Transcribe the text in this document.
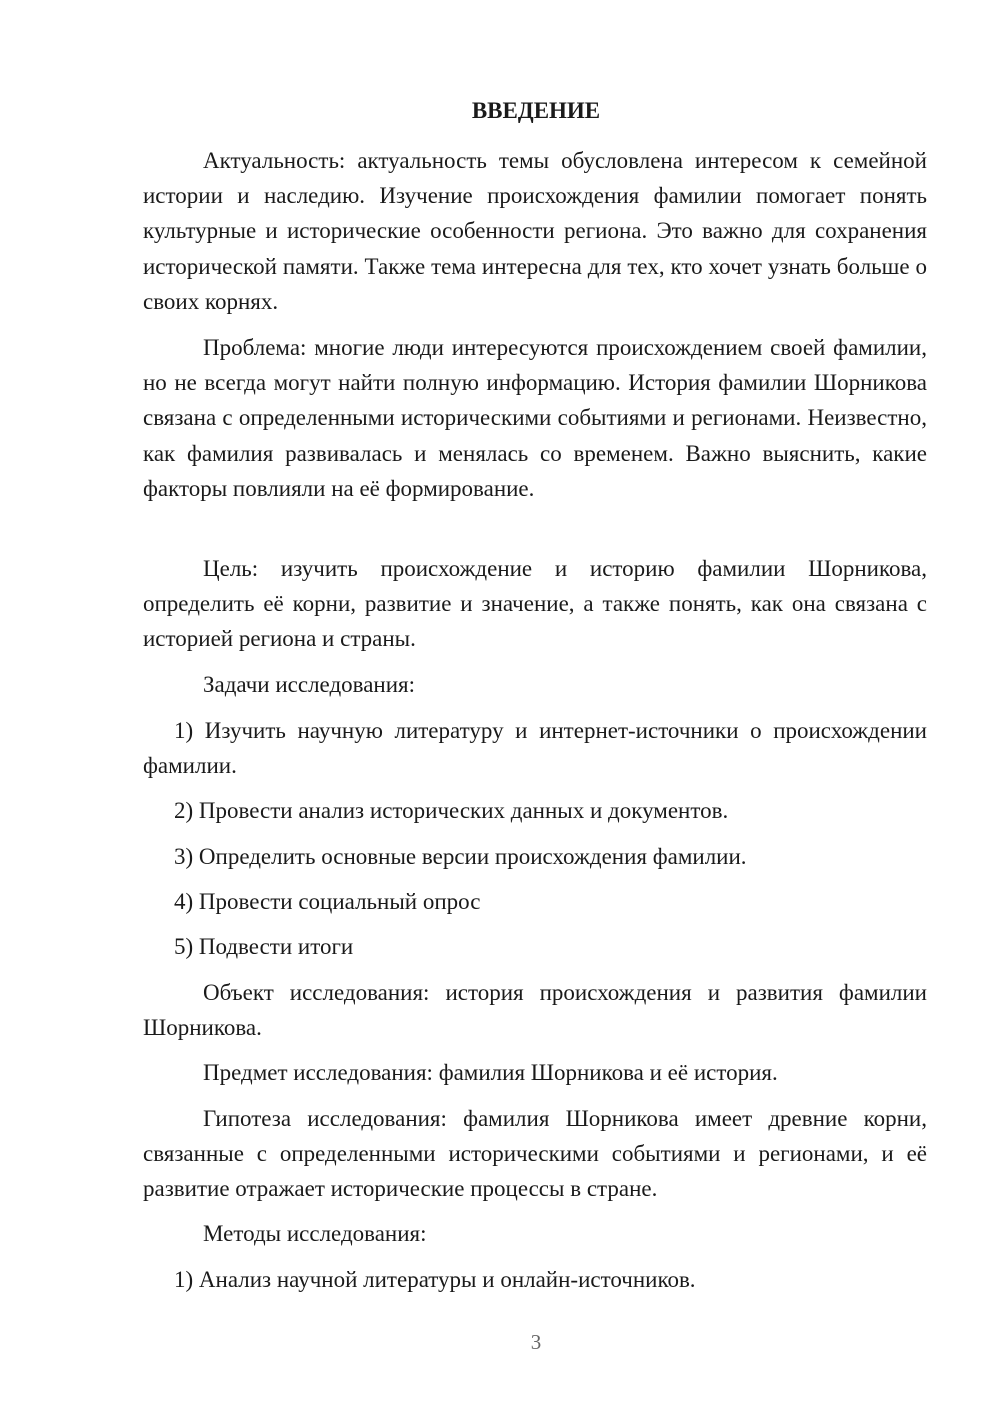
ВВЕДЕНИЕ

Актуальность: актуальность темы обусловлена интересом к семейной истории и наследию. Изучение происхождения фамилии помогает понять культурные и исторические особенности региона. Это важно для сохранения исторической памяти. Также тема интересна для тех, кто хочет узнать больше о своих корнях.

Проблема: многие люди интересуются происхождением своей фамилии, но не всегда могут найти полную информацию. История фамилии Шорникова связана с определенными историческими событиями и регионами. Неизвестно, как фамилия развивалась и менялась со временем. Важно выяснить, какие факторы повлияли на её формирование.

Цель: изучить происхождение и историю фамилии Шорникова, определить её корни, развитие и значение, а также понять, как она связана с историей региона и страны.

Задачи исследования:

1) Изучить научную литературу и интернет-источники о происхождении фамилии.

2) Провести анализ исторических данных и документов.

3) Определить основные версии происхождения фамилии.

4) Провести социальный опрос

5) Подвести итоги

Объект исследования: история происхождения и развития фамилии Шорникова.

Предмет исследования: фамилия Шорникова и её история.

Гипотеза исследования: фамилия Шорникова имеет древние корни, связанные с определенными историческими событиями и регионами, и её развитие отражает исторические процессы в стране.

Методы исследования:

1) Анализ научной литературы и онлайн-источников.

3
